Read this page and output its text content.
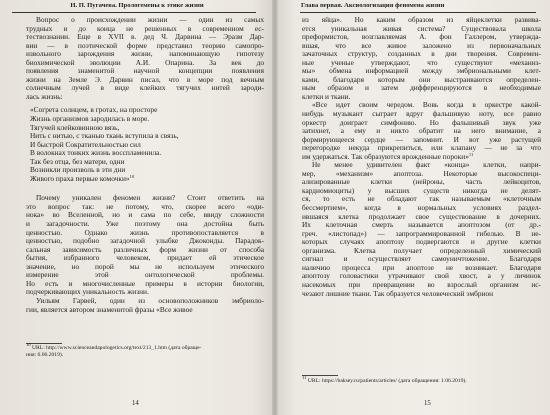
Н. П. Пугачева. Прологемены к этике жизни

Вопрос о происхождении жизни — один из самых
трудных и до конца не решенных в современном ес-
тествознании. Еще в XVII в. дед Ч. Дарвина — Эразм Дар-
вин — в поэтической форме представил теорию самопро-
извольного зарождения жизни, напоминающую гипотезу
биохимической эволюции А.И. Опарина. За век до
появления знаменитой научной концепции появления
жизни на Земле Э. Дарвин писал, что в море под вечным
солнечным лучей в виде клейких тягучих нитей зароди-
лась жизнь:

«Согретa солнцем, в гротах, на просторе
Жизнь организмов зародилась в море.
Тягучей клейковинною вязь,
Нить с нитью, с ткaнью ткань вступила в связь,
И быстрой Сократительностью сил
В волокнах тонких жизнь восспламенила.
Так без отца, без матери, одни
Возникли произволь в эти дни
Живого праха первые комочки»$^{10}$

Почему уникален феномен жизни? Стоит ответить на
это вопрос так: не потому, что, скорее всего «оди-
нока» во Вселенной, но и сама по себе, ввиду сложности
и загадочности. Уже поэтому она достойна быть
ценностью. Однако жизнь противопоставляется в
ценностью, подобно загадочной улыбке Джоконды. Парадок-
сальная зависимость различных форм жизни от способа
бытия, избранного человеком, придает ей этическое
значение, но порой мы не используем этического
измерение этой онтологической проблемы.
Но есть и многочисленные примеры в истории биологии,
подчеркивающих уникальность жизни.

Уильям Гарвей, один из основоположников эмбриоло-
гии, является автором знаменитой фразы «Все живое

$^{10}$ URL: http://www.scienceandapologetics.org/text/213_1.htm (дата обраще-
ния: 6.06.2019).
14
Глава первая. Аксиологизация феномена жизни

из яйца». Но каким образом из яйцеклетки развива-
ется уникальная живая система? Существовала школа
преформистов, возглавляемая А. фон Галлером, утвержда-
вшая, что все живое заложено из первоначальных
зачаточных структур, созданных в дни творения. Современ-
ные ученые утверждают, что существуют «механиз-
мы» обмена информацией между эмбриональными клет-
ками, благодаря которым они выстраиваются определен-
ным образом и затем дифференцируются в необходимые
клетки и ткани.

«Все идет своим чередом. Вовь когда в оркестре какой-
нибудь музыкант сыграет вдруг фальшивую ноту, все равно
оркестр доиграет симфонию. Но фальшивый звук уже
затихнет, а ему и никто обратит на него внимание, а
формирующееся сердце — запомнит. И вот уже растущей
перегородке некуда прикрепиться, или клапану — не за что
им удержаться. Так образуются врожденные пороки»$^{11}$

Не менее удивителен факт «конца» клетки, напри-
мер, «механизм» апоптоза. Некоторые высокоспеци-
ализированные клетки (нейроны, часть лейкоцитов,
кардиомиоциты) у высших существ никогда не делят-
ся, то есть не обладают так называемым «клеточным
бессмертием», когда в нормальных условиях раздел-
ившаяся клетка продолжает свое существование в дочерних.
Их клеточная смерть называется апоптозом (от др.-
греч. «листопад») — запрограммированной гибелью. В не-
которых случаях апоптозу подвергаются и другие клетки
организма. Клетка получает определенный химический
сигнал и осуществляет самоуничтожение. Благодаря
наличию процесса при апоптозе не возникает. Благодаря
апоптозу головастики утрачивают свой хвост, а у личинок
насекомых при превращении во взрослый организм ис-
чезают лишние ткани. Так образуется человеческий эмбрион

$^{11}$ URL: https://baksey.ru/patients/articles/ (дата обращения: 1.06.2019).
15
